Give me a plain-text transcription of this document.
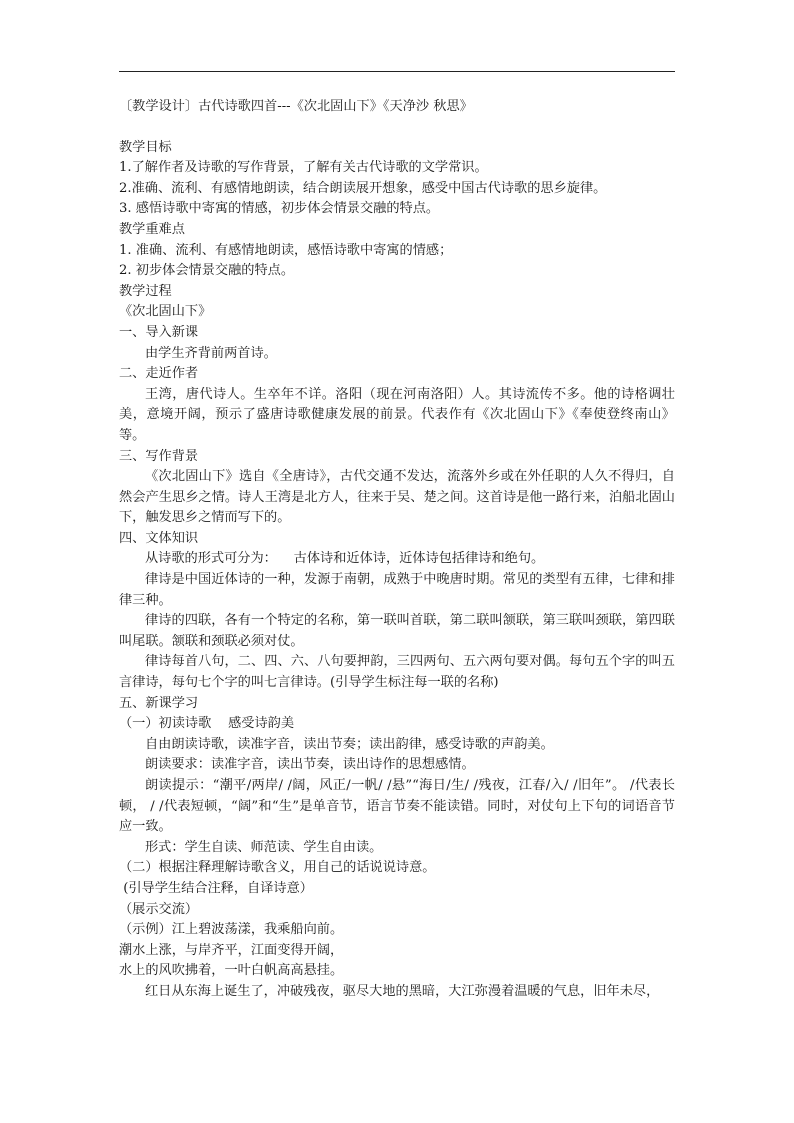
〔教学设计〕古代诗歌四首---《次北固山下》《天净沙 秋思》
教学目标
1.了解作者及诗歌的写作背景，了解有关古代诗歌的文学常识。
2.准确、流利、有感情地朗读，结合朗读展开想象，感受中国古代诗歌的思乡旋律。
3. 感悟诗歌中寄寓的情感，初步体会情景交融的特点。
教学重难点
1. 准确、流利、有感情地朗读，感悟诗歌中寄寓的情感；
2. 初步体会情景交融的特点。
教学过程
《次北固山下》
一、导入新课
由学生齐背前两首诗。
二、走近作者
王湾，唐代诗人。生卒年不详。洛阳（现在河南洛阳）人。其诗流传不多。他的诗格调壮美，意境开阔，预示了盛唐诗歌健康发展的前景。代表作有《次北固山下》《奉使登终南山》等。
三、写作背景
《次北固山下》选自《全唐诗》，古代交通不发达，流落外乡或在外任职的人久不得归，自然会产生思乡之情。诗人王湾是北方人，往来于吴、楚之间。这首诗是他一路行来，泊船北固山下，触发思乡之情而写下的。
四、文体知识
从诗歌的形式可分为：    古体诗和近体诗，近体诗包括律诗和绝句。
律诗是中国近体诗的一种，发源于南朝，成熟于中晚唐时期。常见的类型有五律，七律和排律三种。
律诗的四联，各有一个特定的名称，第一联叫首联，第二联叫颔联，第三联叫颈联，第四联叫尾联。颔联和颈联必须对仗。
律诗每首八句，二、四、六、八句要押韵，三四两句、五六两句要对偶。每句五个字的叫五言律诗，每句七个字的叫七言律诗。(引导学生标注每一联的名称)
五、新课学习
（一）初读诗歌    感受诗韵美
自由朗读诗歌，读准字音，读出节奏；读出韵律，感受诗歌的声韵美。
朗读要求：读准字音，读出节奏，读出诗作的思想感情。
朗读提示：“潮平/两岸/ /阔，风正/一帆/ /悬”“海日/生/ /残夜，江春/入/ /旧年”。 /代表长顿， / /代表短顿，“阔”和“生”是单音节，语言节奏不能读错。同时，对仗句上下句的词语音节应一致。
形式：学生自读、师范读、学生自由读。
（二）根据注释理解诗歌含义，用自己的话说说诗意。
(引导学生结合注释，自译诗意）
（展示交流）
（示例）江上碧波荡漾，我乘船向前。
潮水上涨，与岸齐平，江面变得开阔，
水上的风吹拂着，一叶白帆高高悬挂。
红日从东海上诞生了，冲破残夜，驱尽大地的黑暗，大江弥漫着温暖的气息，旧年未尽，
